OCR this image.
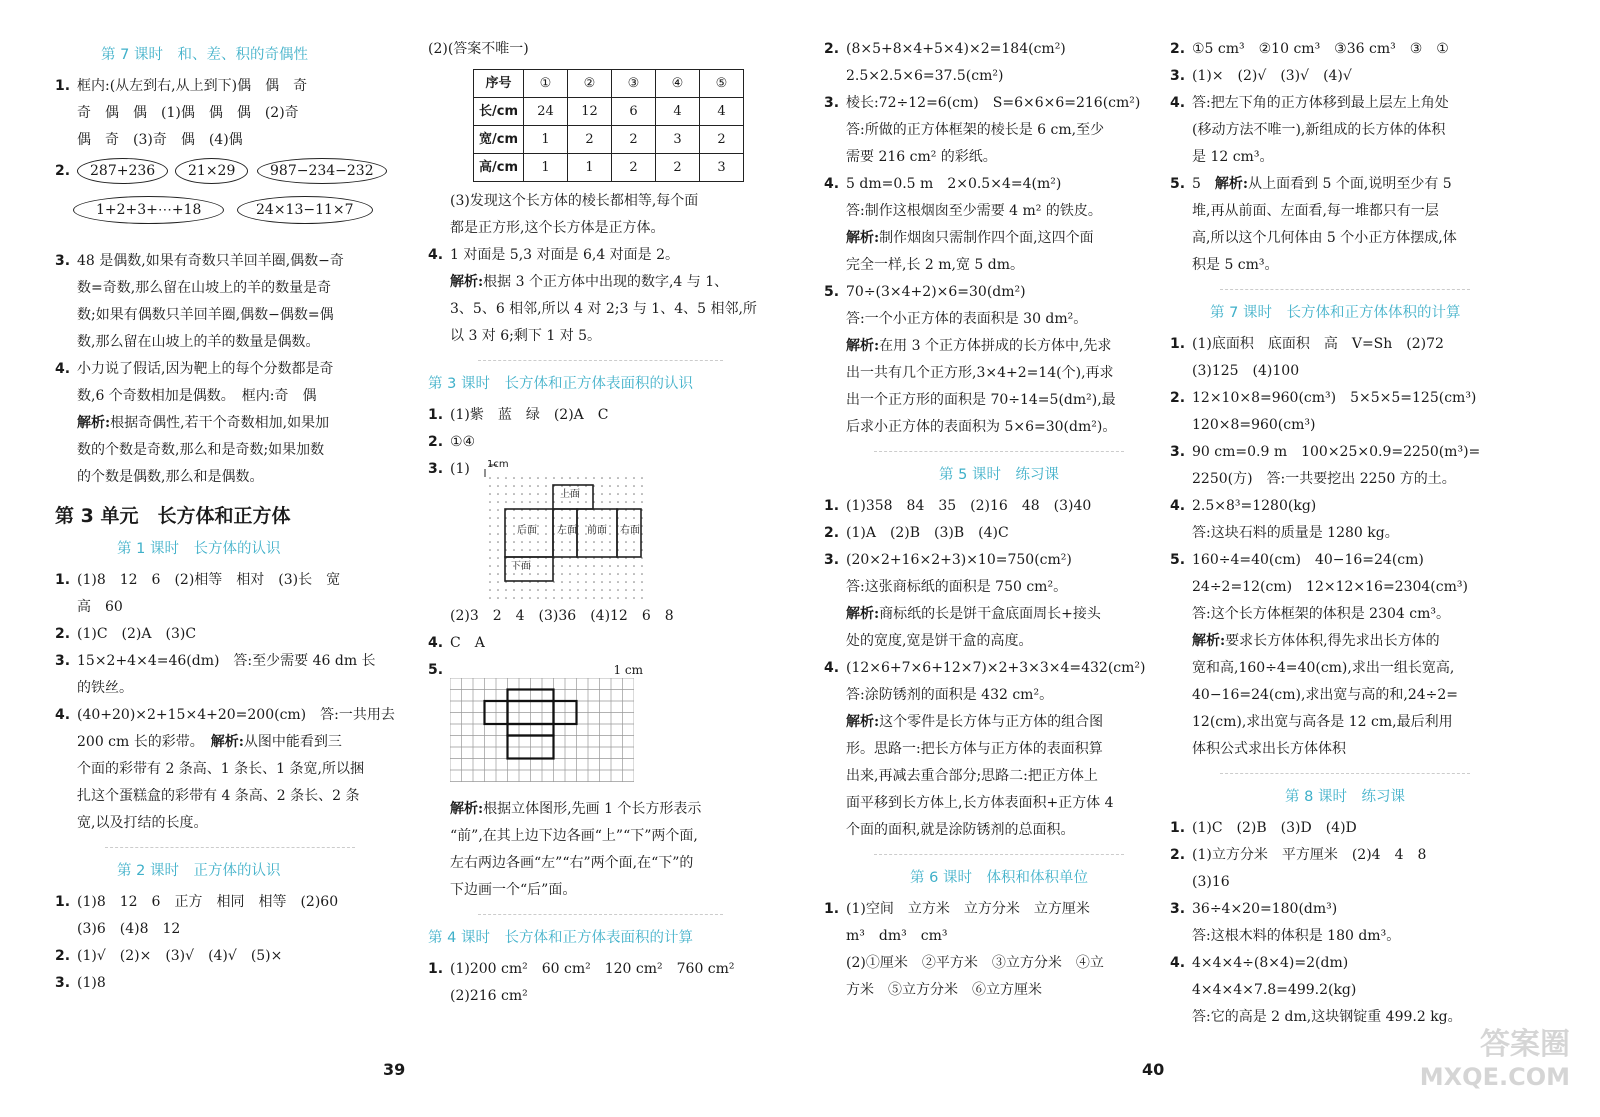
第 7 课时　和、差、积的奇偶性
1. 框内:(从左到右,从上到下)偶　偶　奇
奇　偶　偶　(1)偶　偶　偶　(2)奇
偶　奇　(3)奇　偶　(4)偶
2.	287+236	21×29	987−234−232
1+2+3+⋯+18	24×13−11×7
3. 48 是偶数,如果有奇数只羊回羊圈,偶数−奇
数=奇数,那么留在山坡上的羊的数量是奇
数;如果有偶数只羊回羊圈,偶数−偶数=偶
数,那么留在山坡上的羊的数量是偶数。
4. 小力说了假话,因为靶上的每个分数都是奇
数,6 个奇数相加是偶数。　框内:奇　偶
解析:根据奇偶性,若干个奇数相加,如果加
数的个数是奇数,那么和是奇数;如果加数
的个数是偶数,那么和是偶数。
第 3 单元　长方体和正方体
第 1 课时　长方体的认识
1. (1)8　12　6　(2)相等　相对　(3)长　宽
高　60
2. (1)C　(2)A　(3)C
3. 15×2+4×4=46(dm)　答:至少需要 46 dm 长
的铁丝。
4. (40+20)×2+15×4+20=200(cm)　答:一共用去
200 cm 长的彩带。　解析:从图中能看到三
个面的彩带有 2 条高、1 条长、1 条宽,所以捆
扎这个蛋糕盒的彩带有 4 条高、2 条长、2 条
宽,以及打结的长度。
第 2 课时　正方体的认识
1. (1)8　12　6　正方　相同　相等　(2)60
(3)6　(4)8　12
2. (1)√　(2)×　(3)√　(4)√　(5)×
3. (1)8
(2)(答案不唯一)
序号	①	②	③	④	⑤
长/cm	24	12	6	4	4
宽/cm	1	2	2	3	2
高/cm	1	1	2	2	3
(3)发现这个长方体的棱长都相等,每个面
都是正方形,这个长方体是正方体。
4. 1 对面是 5,3 对面是 6,4 对面是 2。
解析:根据 3 个正方体中出现的数字,4 与 1、
3、5、6 相邻,所以 4 对 2;3 与 1、4、5 相邻,所
以 3 对 6;剩下 1 对 5。
第 3 课时　长方体和正方体表面积的认识
1. (1)紫　蓝　绿　(2)A　C
2. ①④
3. (1)	1cm
上面
后面 左面 前面 右面
下面
(2)3　2　4　(3)36　(4)12　6　8
4. C　A
5.	1 cm
解析:根据立体图形,先画 1 个长方形表示
“前”,在其上边下边各画“上”“下”两个面,
左右两边各画“左”“右”两个面,在“下”的
下边画一个“后”面。
第 4 课时　长方体和正方体表面积的计算
1. (1)200 cm²　60 cm²　120 cm²　760 cm²
(2)216 cm²
39
2. (8×5+8×4+5×4)×2=184(cm²)
2.5×2.5×6=37.5(cm²)
3. 棱长:72÷12=6(cm)　S=6×6×6=216(cm²)
答:所做的正方体框架的棱长是 6 cm,至少
需要 216 cm² 的彩纸。
4. 5 dm=0.5 m　2×0.5×4=4(m²)
答:制作这根烟囱至少需要 4 m² 的铁皮。
解析:制作烟囱只需制作四个面,这四个面
完全一样,长 2 m,宽 5 dm。
5. 70÷(3×4+2)×6=30(dm²)
答:一个小正方体的表面积是 30 dm²。
解析:在用 3 个正方体拼成的长方体中,先求
出一共有几个正方形,3×4+2=14(个),再求
出一个正方形的面积是 70÷14=5(dm²),最
后求小正方体的表面积为 5×6=30(dm²)。
第 5 课时　练习课
1. (1)358　84　35　(2)16　48　(3)40
2. (1)A　(2)B　(3)B　(4)C
3. (20×2+16×2+3)×10=750(cm²)
答:这张商标纸的面积是 750 cm²。
解析:商标纸的长是饼干盒底面周长+接头
处的宽度,宽是饼干盒的高度。
4. (12×6+7×6+12×7)×2+3×3×4=432(cm²)
答:涂防锈剂的面积是 432 cm²。
解析:这个零件是长方体与正方体的组合图
形。思路一:把长方体与正方体的表面积算
出来,再减去重合部分;思路二:把正方体上
面平移到长方体上,长方体表面积+正方体 4
个面的面积,就是涂防锈剂的总面积。
第 6 课时　体积和体积单位
1. (1)空间　立方米　立方分米　立方厘米
m³　dm³　cm³
(2)①厘米　②平方米　③立方分米　④立
方米　⑤立方分米　⑥立方厘米
2. ①5 cm³　②10 cm³　③36 cm³　③　①
3. (1)×　(2)√　(3)√　(4)√
4. 答:把左下角的正方体移到最上层左上角处
(移动方法不唯一),新组成的长方体的体积
是 12 cm³。
5. 5　解析:从上面看到 5 个面,说明至少有 5
堆,再从前面、左面看,每一堆都只有一层
高,所以这个几何体由 5 个小正方体摆成,体
积是 5 cm³。
第 7 课时　长方体和正方体体积的计算
1. (1)底面积　底面积　高　V=Sh　(2)72
(3)125　(4)100
2. 12×10×8=960(cm³)　5×5×5=125(cm³)
120×8=960(cm³)
3. 90 cm=0.9 m　100×25×0.9=2250(m³)=
2250(方)　答:一共要挖出 2250 方的土。
4. 2.5×8³=1280(kg)
答:这块石料的质量是 1280 kg。
5. 160÷4=40(cm)　40−16=24(cm)
24÷2=12(cm)　12×12×16=2304(cm³)
答:这个长方体框架的体积是 2304 cm³。
解析:要求长方体体积,得先求出长方体的
宽和高,160÷4=40(cm),求出一组长宽高,
40−16=24(cm),求出宽与高的和,24÷2=
12(cm),求出宽与高各是 12 cm,最后利用
体积公式求出长方体体积
第 8 课时　练习课
1. (1)C　(2)B　(3)D　(4)D
2. (1)立方分米　平方厘米　(2)4　4　8
(3)16
3. 36÷4×20=180(dm³)
答:这根木料的体积是 180 dm³。
4. 4×4×4÷(8×4)=2(dm)
4×4×4×7.8=499.2(kg)
答:它的高是 2 dm,这块钢锭重 499.2 kg。
40
答案圈
MXQE.COM
